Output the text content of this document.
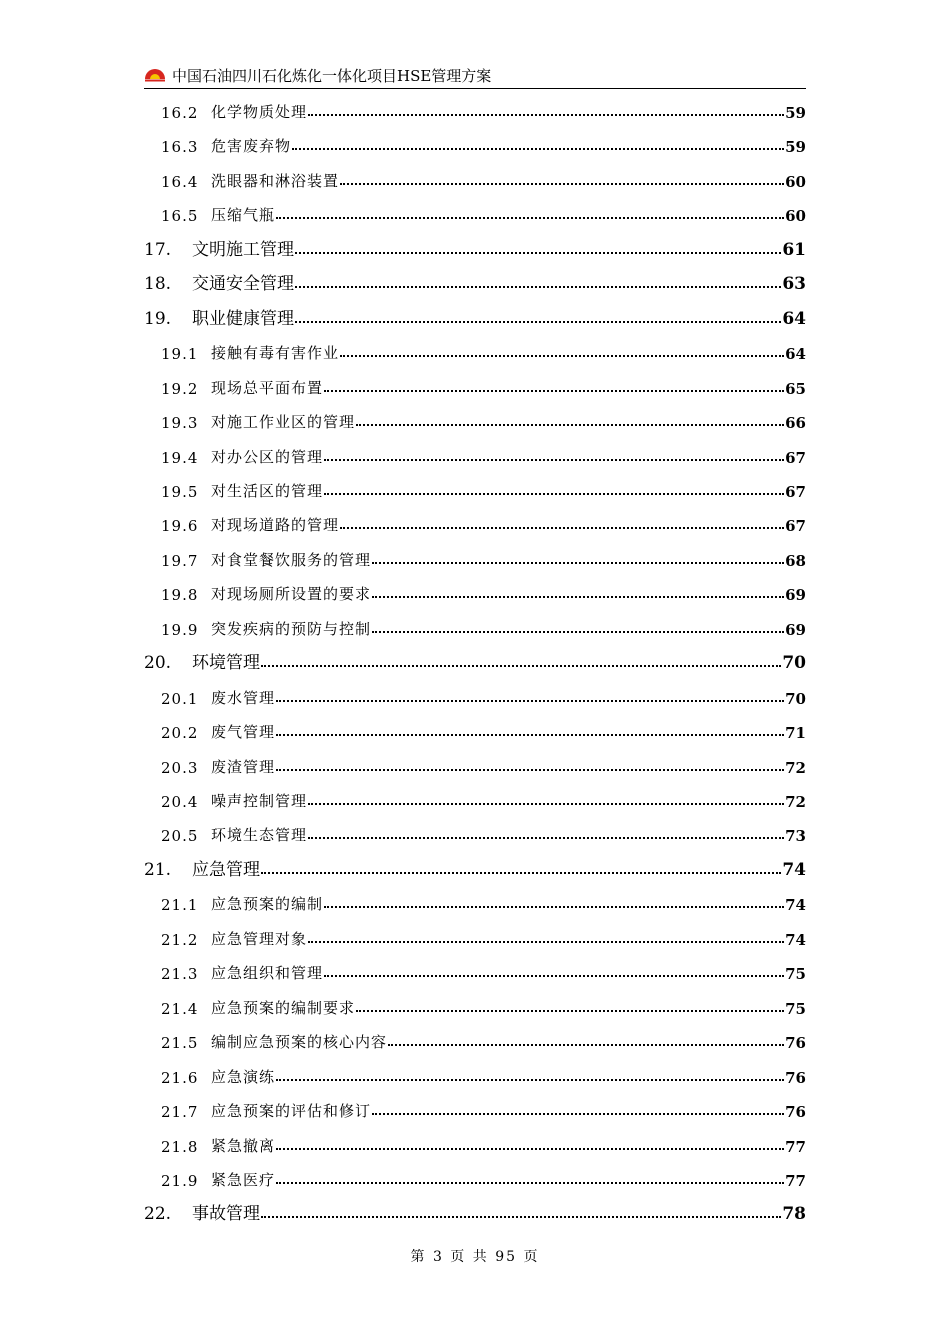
中国石油四川石化炼化一体化项目HSE管理方案
16.2 化学物质处理	59
16.3 危害废弃物	59
16.4 洗眼器和淋浴装置	60
16.5 压缩气瓶	60
17.	文明施工管理	61
18.	交通安全管理	63
19.	职业健康管理	64
19.1 接触有毒有害作业	64
19.2 现场总平面布置	65
19.3 对施工作业区的管理	66
19.4 对办公区的管理	67
19.5 对生活区的管理	67
19.6 对现场道路的管理	67
19.7 对食堂餐饮服务的管理	68
19.8 对现场厕所设置的要求	69
19.9 突发疾病的预防与控制	69
20.	环境管理	70
20.1 废水管理	70
20.2 废气管理	71
20.3 废渣管理	72
20.4 噪声控制管理	72
20.5 环境生态管理	73
21.	应急管理	74
21.1 应急预案的编制	74
21.2 应急管理对象	74
21.3 应急组织和管理	75
21.4 应急预案的编制要求	75
21.5 编制应急预案的核心内容	76
21.6 应急演练	76
21.7 应急预案的评估和修订	76
21.8 紧急撤离	77
21.9 紧急医疗	77
22.	事故管理	78
第 3 页 共 95 页
